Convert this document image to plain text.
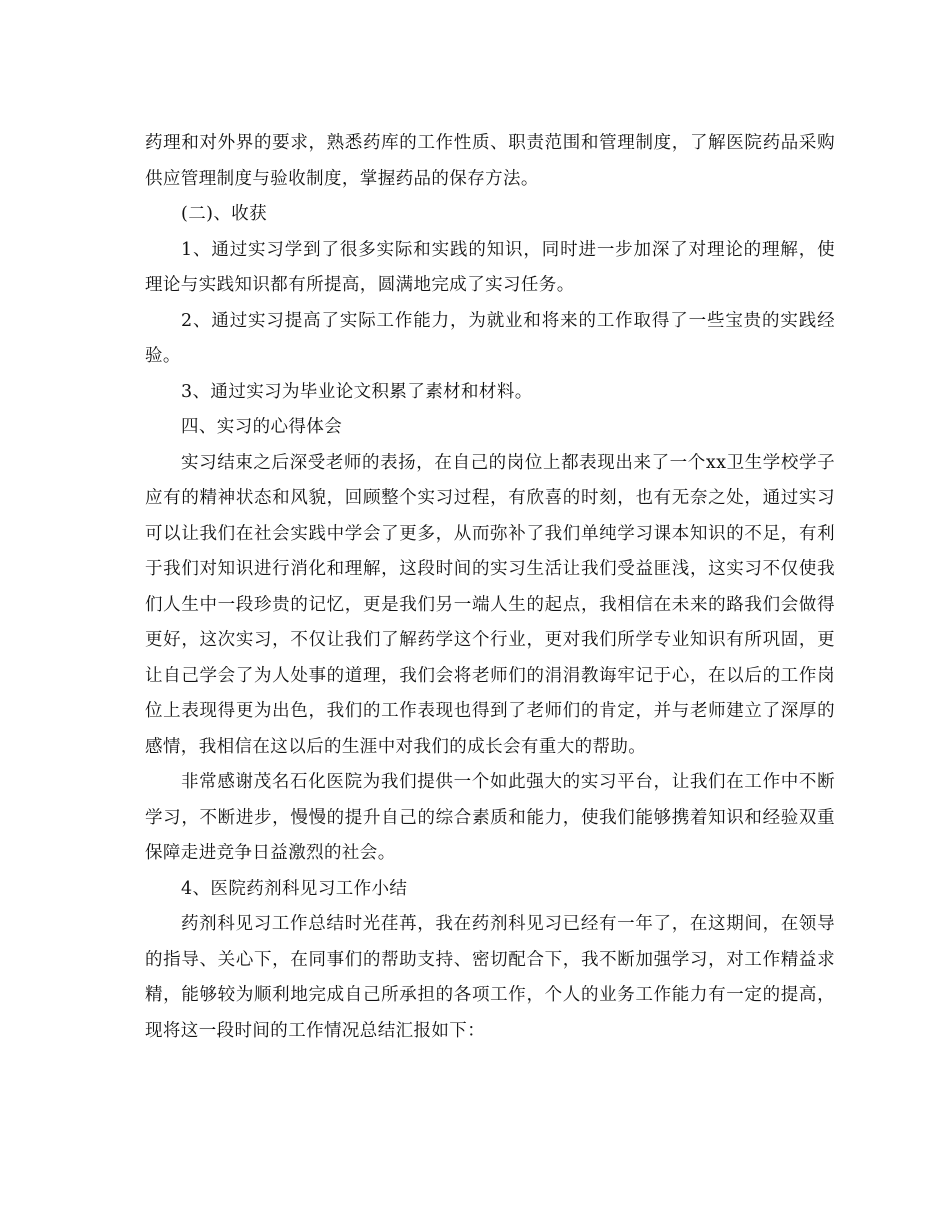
药理和对外界的要求，熟悉药库的工作性质、职责范围和管理制度，了解医院药品采购供应管理制度与验收制度，掌握药品的保存方法。

(二)、收获

1、通过实习学到了很多实际和实践的知识，同时进一步加深了对理论的理解，使理论与实践知识都有所提高，圆满地完成了实习任务。

2、通过实习提高了实际工作能力，为就业和将来的工作取得了一些宝贵的实践经验。

3、通过实习为毕业论文积累了素材和材料。

四、实习的心得体会

实习结束之后深受老师的表扬，在自己的岗位上都表现出来了一个xx卫生学校学子应有的精神状态和风貌，回顾整个实习过程，有欣喜的时刻，也有无奈之处，通过实习可以让我们在社会实践中学会了更多，从而弥补了我们单纯学习课本知识的不足，有利于我们对知识进行消化和理解，这段时间的实习生活让我们受益匪浅，这实习不仅使我们人生中一段珍贵的记忆，更是我们另一端人生的起点，我相信在未来的路我们会做得更好，这次实习，不仅让我们了解药学这个行业，更对我们所学专业知识有所巩固，更让自己学会了为人处事的道理，我们会将老师们的涓涓教诲牢记于心，在以后的工作岗位上表现得更为出色，我们的工作表现也得到了老师们的肯定，并与老师建立了深厚的感情，我相信在这以后的生涯中对我们的成长会有重大的帮助。

非常感谢茂名石化医院为我们提供一个如此强大的实习平台，让我们在工作中不断学习，不断进步，慢慢的提升自己的综合素质和能力，使我们能够携着知识和经验双重保障走进竞争日益激烈的社会。

4、医院药剂科见习工作小结

药剂科见习工作总结时光荏苒，我在药剂科见习已经有一年了，在这期间，在领导的指导、关心下，在同事们的帮助支持、密切配合下，我不断加强学习，对工作精益求精，能够较为顺利地完成自己所承担的各项工作，个人的业务工作能力有一定的提高，现将这一段时间的工作情况总结汇报如下：
